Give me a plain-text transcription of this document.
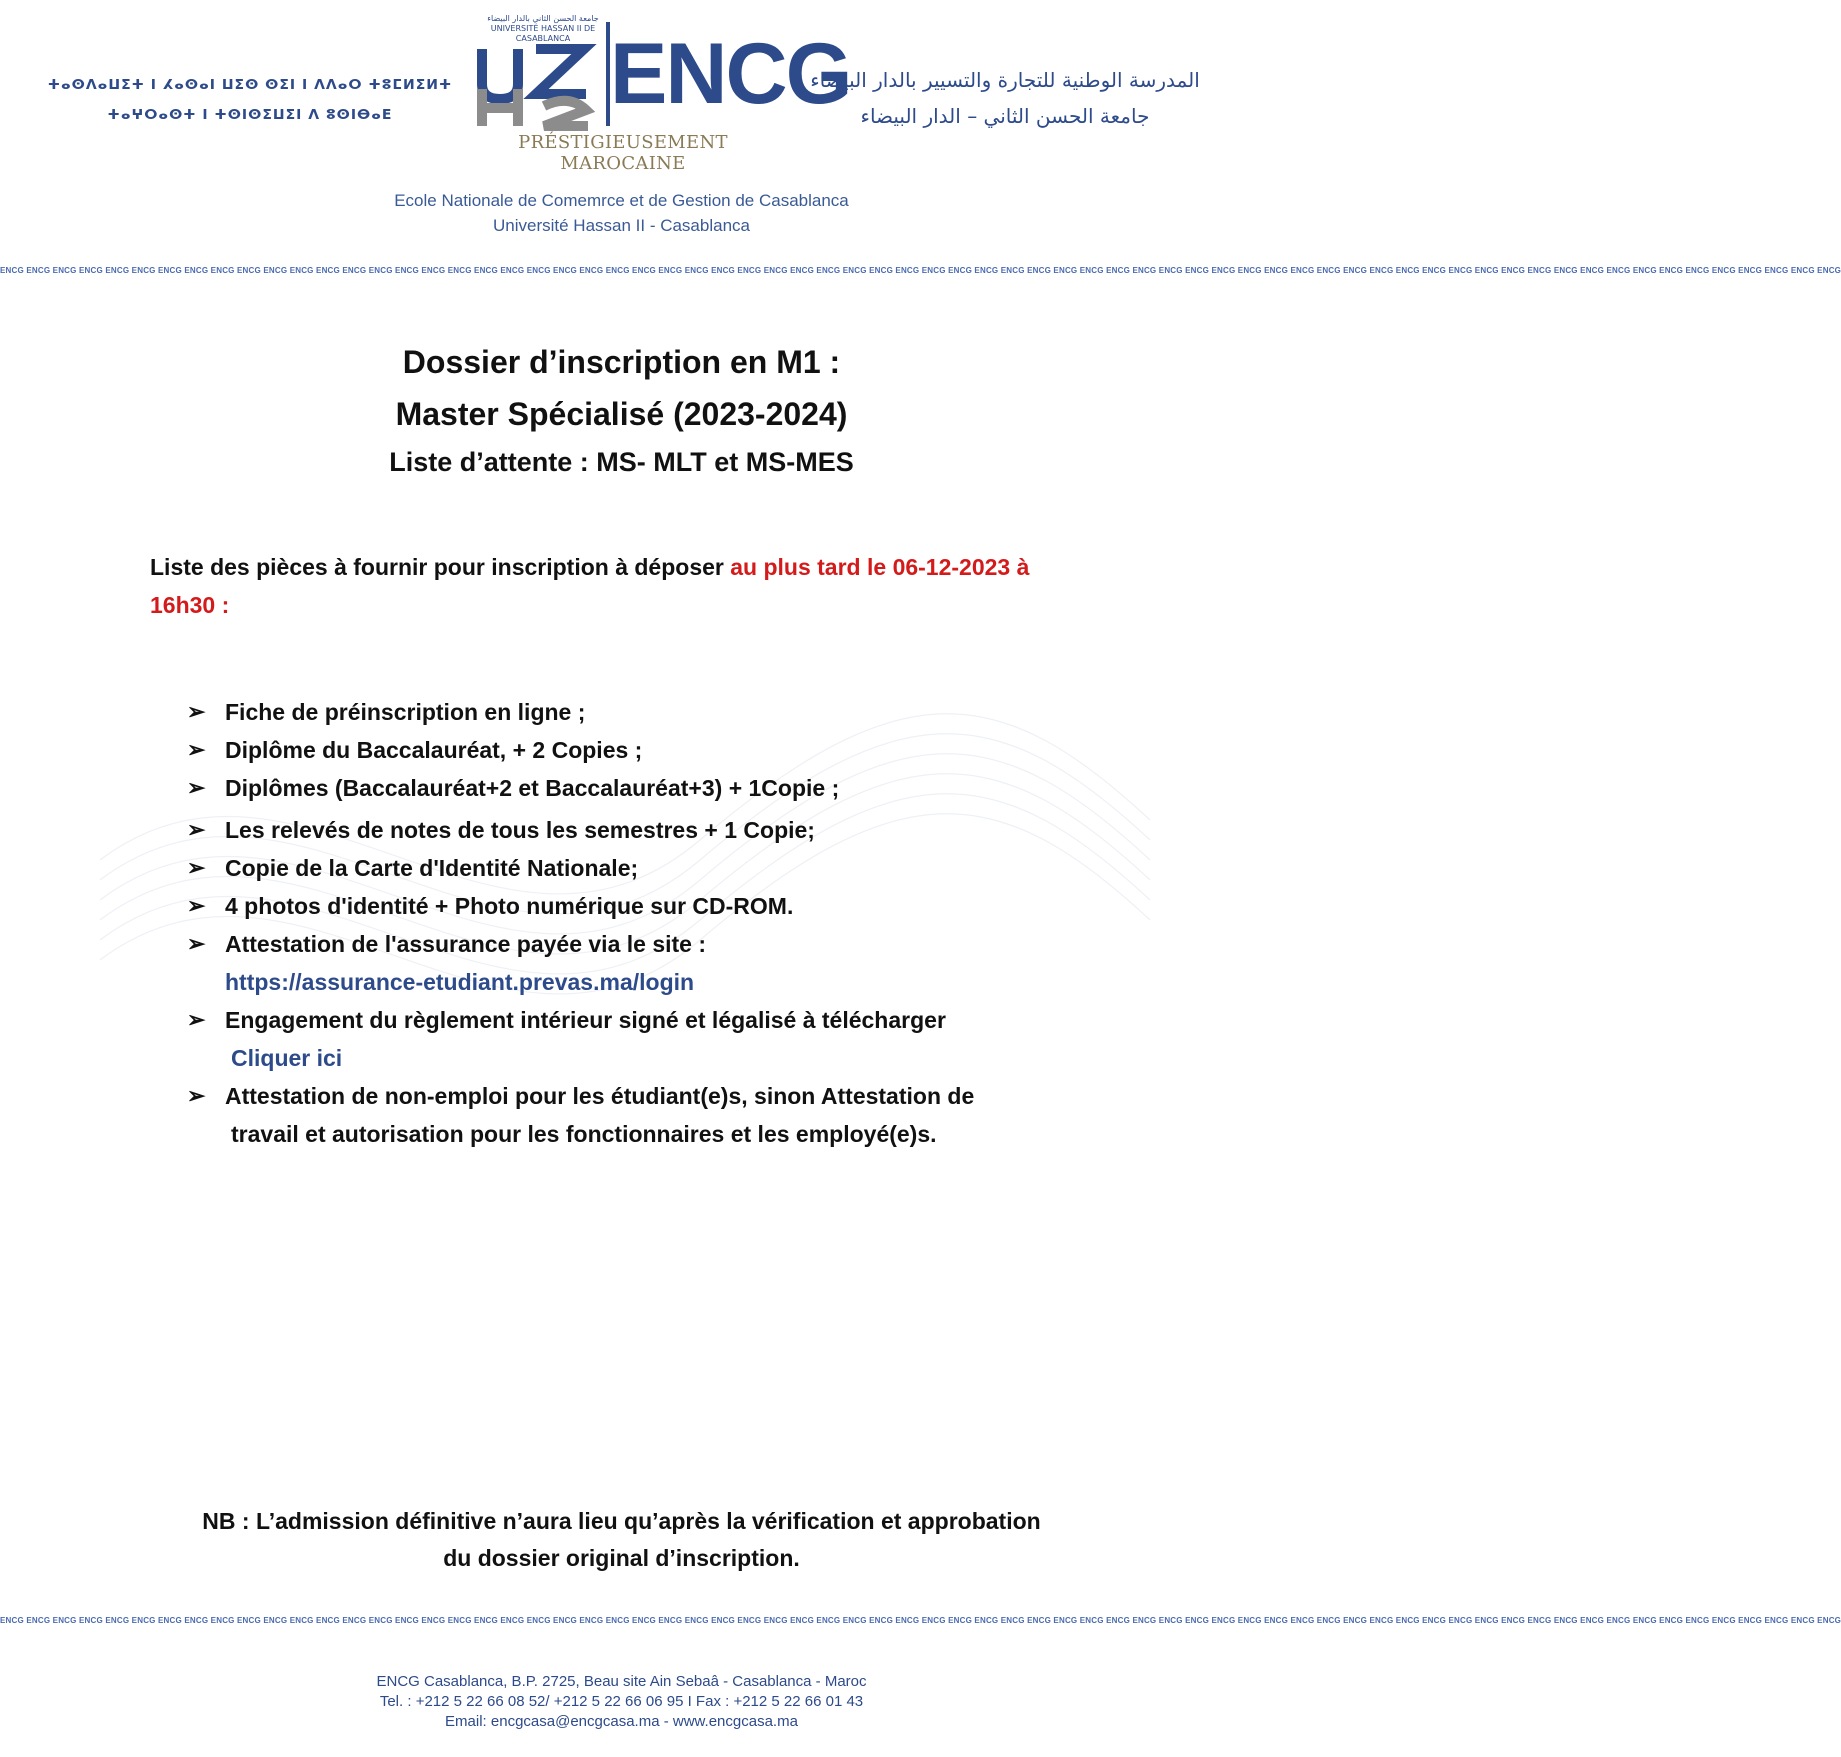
ⵜⴰⵙⴷⴰⵡⵉⵜ ⵏ ⵃⴰⵙⴰⵏ ⵡⵉⵙ ⵙⵉⵏ ⵏ ⴷⴷⴰⵔ ⵜⵓⵎⵍⵉⵍⵜ
ⵜⴰⵖⵔⴰⵙⵜ ⵏ ⵜⵙⵏⵙⵉⵡⵉⵏ ⴷ ⵓⵙⵏⴱⴰⴹ
جامعة الحسن الثاني بالدار البيضاء
UNIVERSITÉ HASSAN II DE CASABLANCA ENCG
PRÉSTIGIEUSEMENT MAROCAINE
المدرسة الوطنية للتجارة والتسيير بالدار البيضاء
جامعة الحسن الثاني – الدار البيضاء
Ecole Nationale de Comemrce et de Gestion de Casablanca
Université Hassan II - Casablanca
ENCG ENCG ENCG ENCG ENCG ENCG ENCG ENCG ENCG ENCG ENCG ENCG ENCG ENCG ENCG ENCG ENCG ENCG ENCG ENCG ENCG ENCG ENCG ENCG ENCG ENCG ENCG ENCG ENCG ENCG ENCG ENCG ENCG ENCG ENCG ENCG ENCG ENCG ENCG ENCG ENCG ENCG ENCG ENCG ENCG ENCG ENCG ENCG ENCG ENCG ENCG ENCG ENCG ENCG ENCG ENCG ENCG ENCG ENCG ENCG ENCG ENCG ENCG ENCG ENCG ENCG ENCG ENCG ENCG ENCG
Dossier d’inscription en M1 :
Master Spécialisé (2023-2024)
Liste d’attente : MS- MLT et MS-MES
Liste des pièces à fournir pour inscription à déposer au plus tard le 06-12-2023 à 16h30 :
➢ Fiche de préinscription en ligne ;
➢ Diplôme du Baccalauréat, + 2 Copies ;
➢ Diplômes (Baccalauréat+2 et Baccalauréat+3) + 1Copie ;
➢ Les relevés de notes de tous les semestres + 1 Copie;
➢ Copie de la Carte d'Identité Nationale;
➢ 4 photos d'identité + Photo numérique sur CD-ROM.
➢ Attestation de l'assurance payée via le site :
https://assurance-etudiant.prevas.ma/login
➢ Engagement du règlement intérieur signé et légalisé à télécharger
Cliquer ici
➢ Attestation de non-emploi pour les étudiant(e)s, sinon Attestation de
travail et autorisation pour les fonctionnaires et les employé(e)s.
NB : L’admission définitive n’aura lieu qu’après la vérification et approbation
du dossier original d’inscription.
ENCG ENCG ENCG ENCG ENCG ENCG ENCG ENCG ENCG ENCG ENCG ENCG ENCG ENCG ENCG ENCG ENCG ENCG ENCG ENCG ENCG ENCG ENCG ENCG ENCG ENCG ENCG ENCG ENCG ENCG ENCG ENCG ENCG ENCG ENCG ENCG ENCG ENCG ENCG ENCG ENCG ENCG ENCG ENCG ENCG ENCG ENCG ENCG ENCG ENCG ENCG ENCG ENCG ENCG ENCG ENCG ENCG ENCG ENCG ENCG ENCG ENCG ENCG ENCG ENCG ENCG ENCG ENCG ENCG ENCG
ENCG Casablanca, B.P. 2725, Beau site Ain Sebaâ - Casablanca - Maroc
Tel. : +212 5 22 66 08 52/ +212 5 22 66 06 95 I Fax : +212 5 22 66 01 43
Email: encgcasa@encgcasa.ma - www.encgcasa.ma
